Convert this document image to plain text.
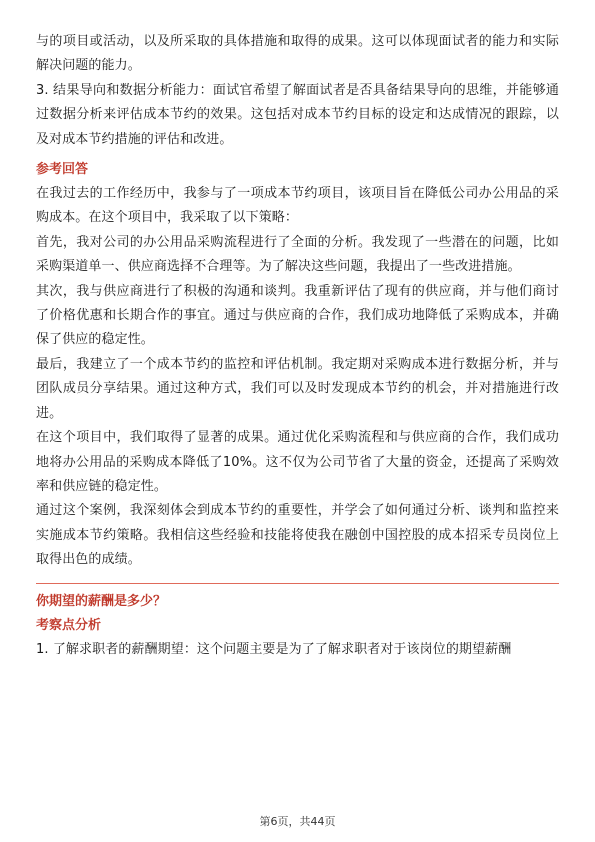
与的项目或活动，以及所采取的具体措施和取得的成果。这可以体现面试者的能力和实际解决问题的能力。

3. 结果导向和数据分析能力：面试官希望了解面试者是否具备结果导向的思维，并能够通过数据分析来评估成本节约的效果。这包括对成本节约目标的设定和达成情况的跟踪，以及对成本节约措施的评估和改进。

参考回答

在我过去的工作经历中，我参与了一项成本节约项目，该项目旨在降低公司办公用品的采购成本。在这个项目中，我采取了以下策略：

首先，我对公司的办公用品采购流程进行了全面的分析。我发现了一些潜在的问题，比如采购渠道单一、供应商选择不合理等。为了解决这些问题，我提出了一些改进措施。

其次，我与供应商进行了积极的沟通和谈判。我重新评估了现有的供应商，并与他们商讨了价格优惠和长期合作的事宜。通过与供应商的合作，我们成功地降低了采购成本，并确保了供应的稳定性。

最后，我建立了一个成本节约的监控和评估机制。我定期对采购成本进行数据分析，并与团队成员分享结果。通过这种方式，我们可以及时发现成本节约的机会，并对措施进行改进。

在这个项目中，我们取得了显著的成果。通过优化采购流程和与供应商的合作，我们成功地将办公用品的采购成本降低了10%。这不仅为公司节省了大量的资金，还提高了采购效率和供应链的稳定性。

通过这个案例，我深刻体会到成本节约的重要性，并学会了如何通过分析、谈判和监控来实施成本节约策略。我相信这些经验和技能将使我在融创中国控股的成本招采专员岗位上取得出色的成绩。

你期望的薪酬是多少？

考察点分析

1. 了解求职者的薪酬期望：这个问题主要是为了了解求职者对于该岗位的期望薪酬

第6页，共44页
